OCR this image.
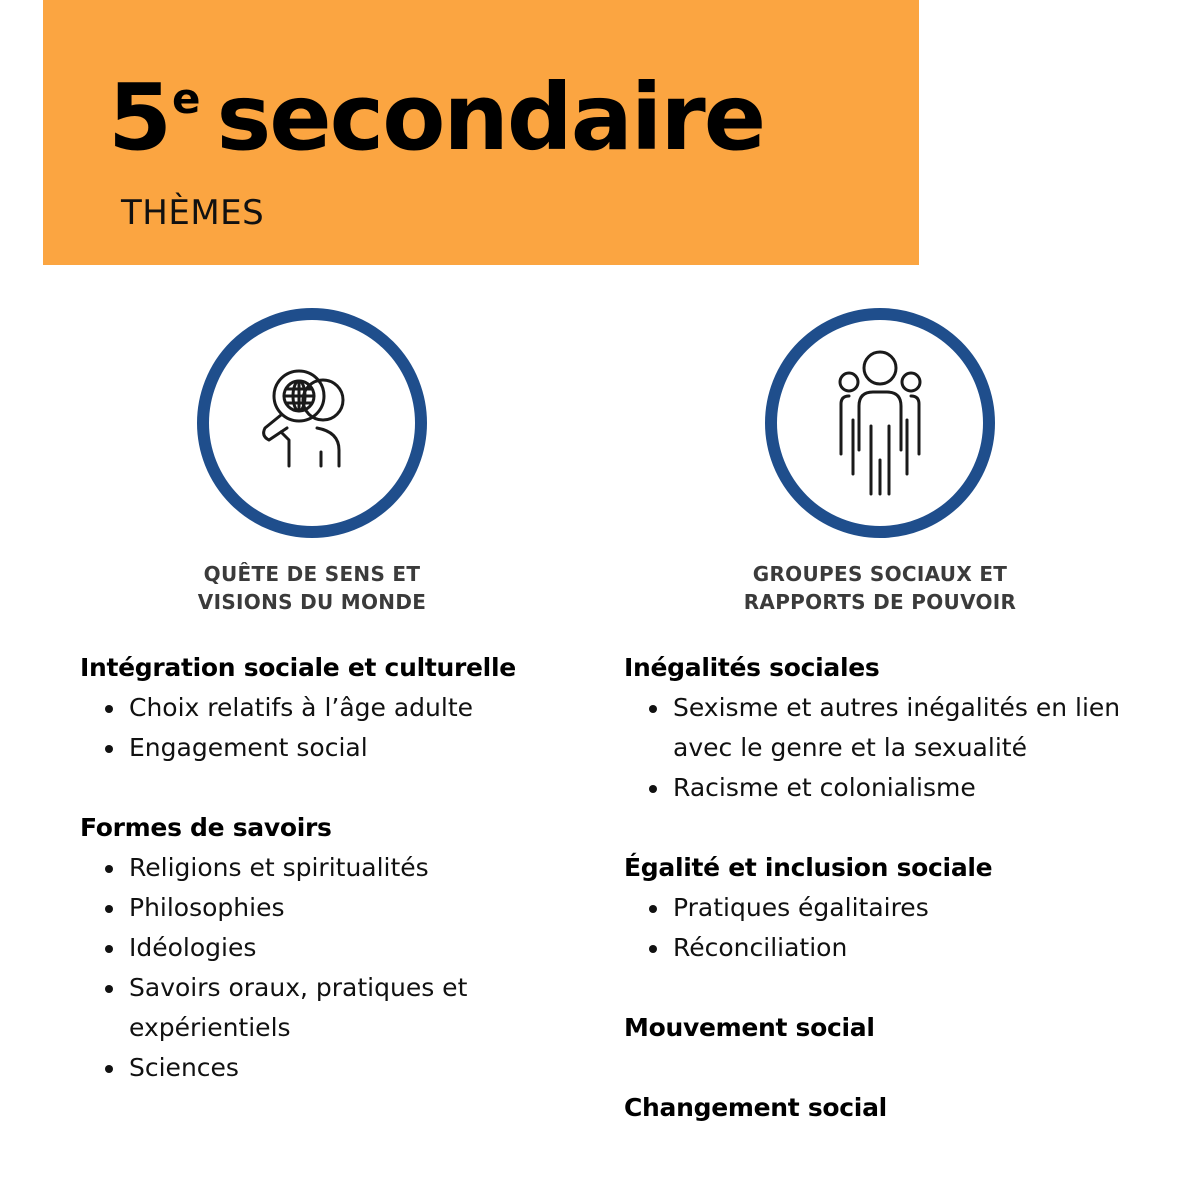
5e secondaire
THÈMES
QUÊTE DE SENS ET
VISIONS DU MONDE
GROUPES SOCIAUX ET
RAPPORTS DE POUVOIR
Intégration sociale et culturelle
Choix relatifs à l’âge adulte
Engagement social
Formes de savoirs
Religions et spiritualités
Philosophies
Idéologies
Savoirs oraux, pratiques et expérientiels
Sciences
Inégalités sociales
Sexisme et autres inégalités en lien avec le genre et la sexualité
Racisme et colonialisme
Égalité et inclusion sociale
Pratiques égalitaires
Réconciliation
Mouvement social
Changement social
